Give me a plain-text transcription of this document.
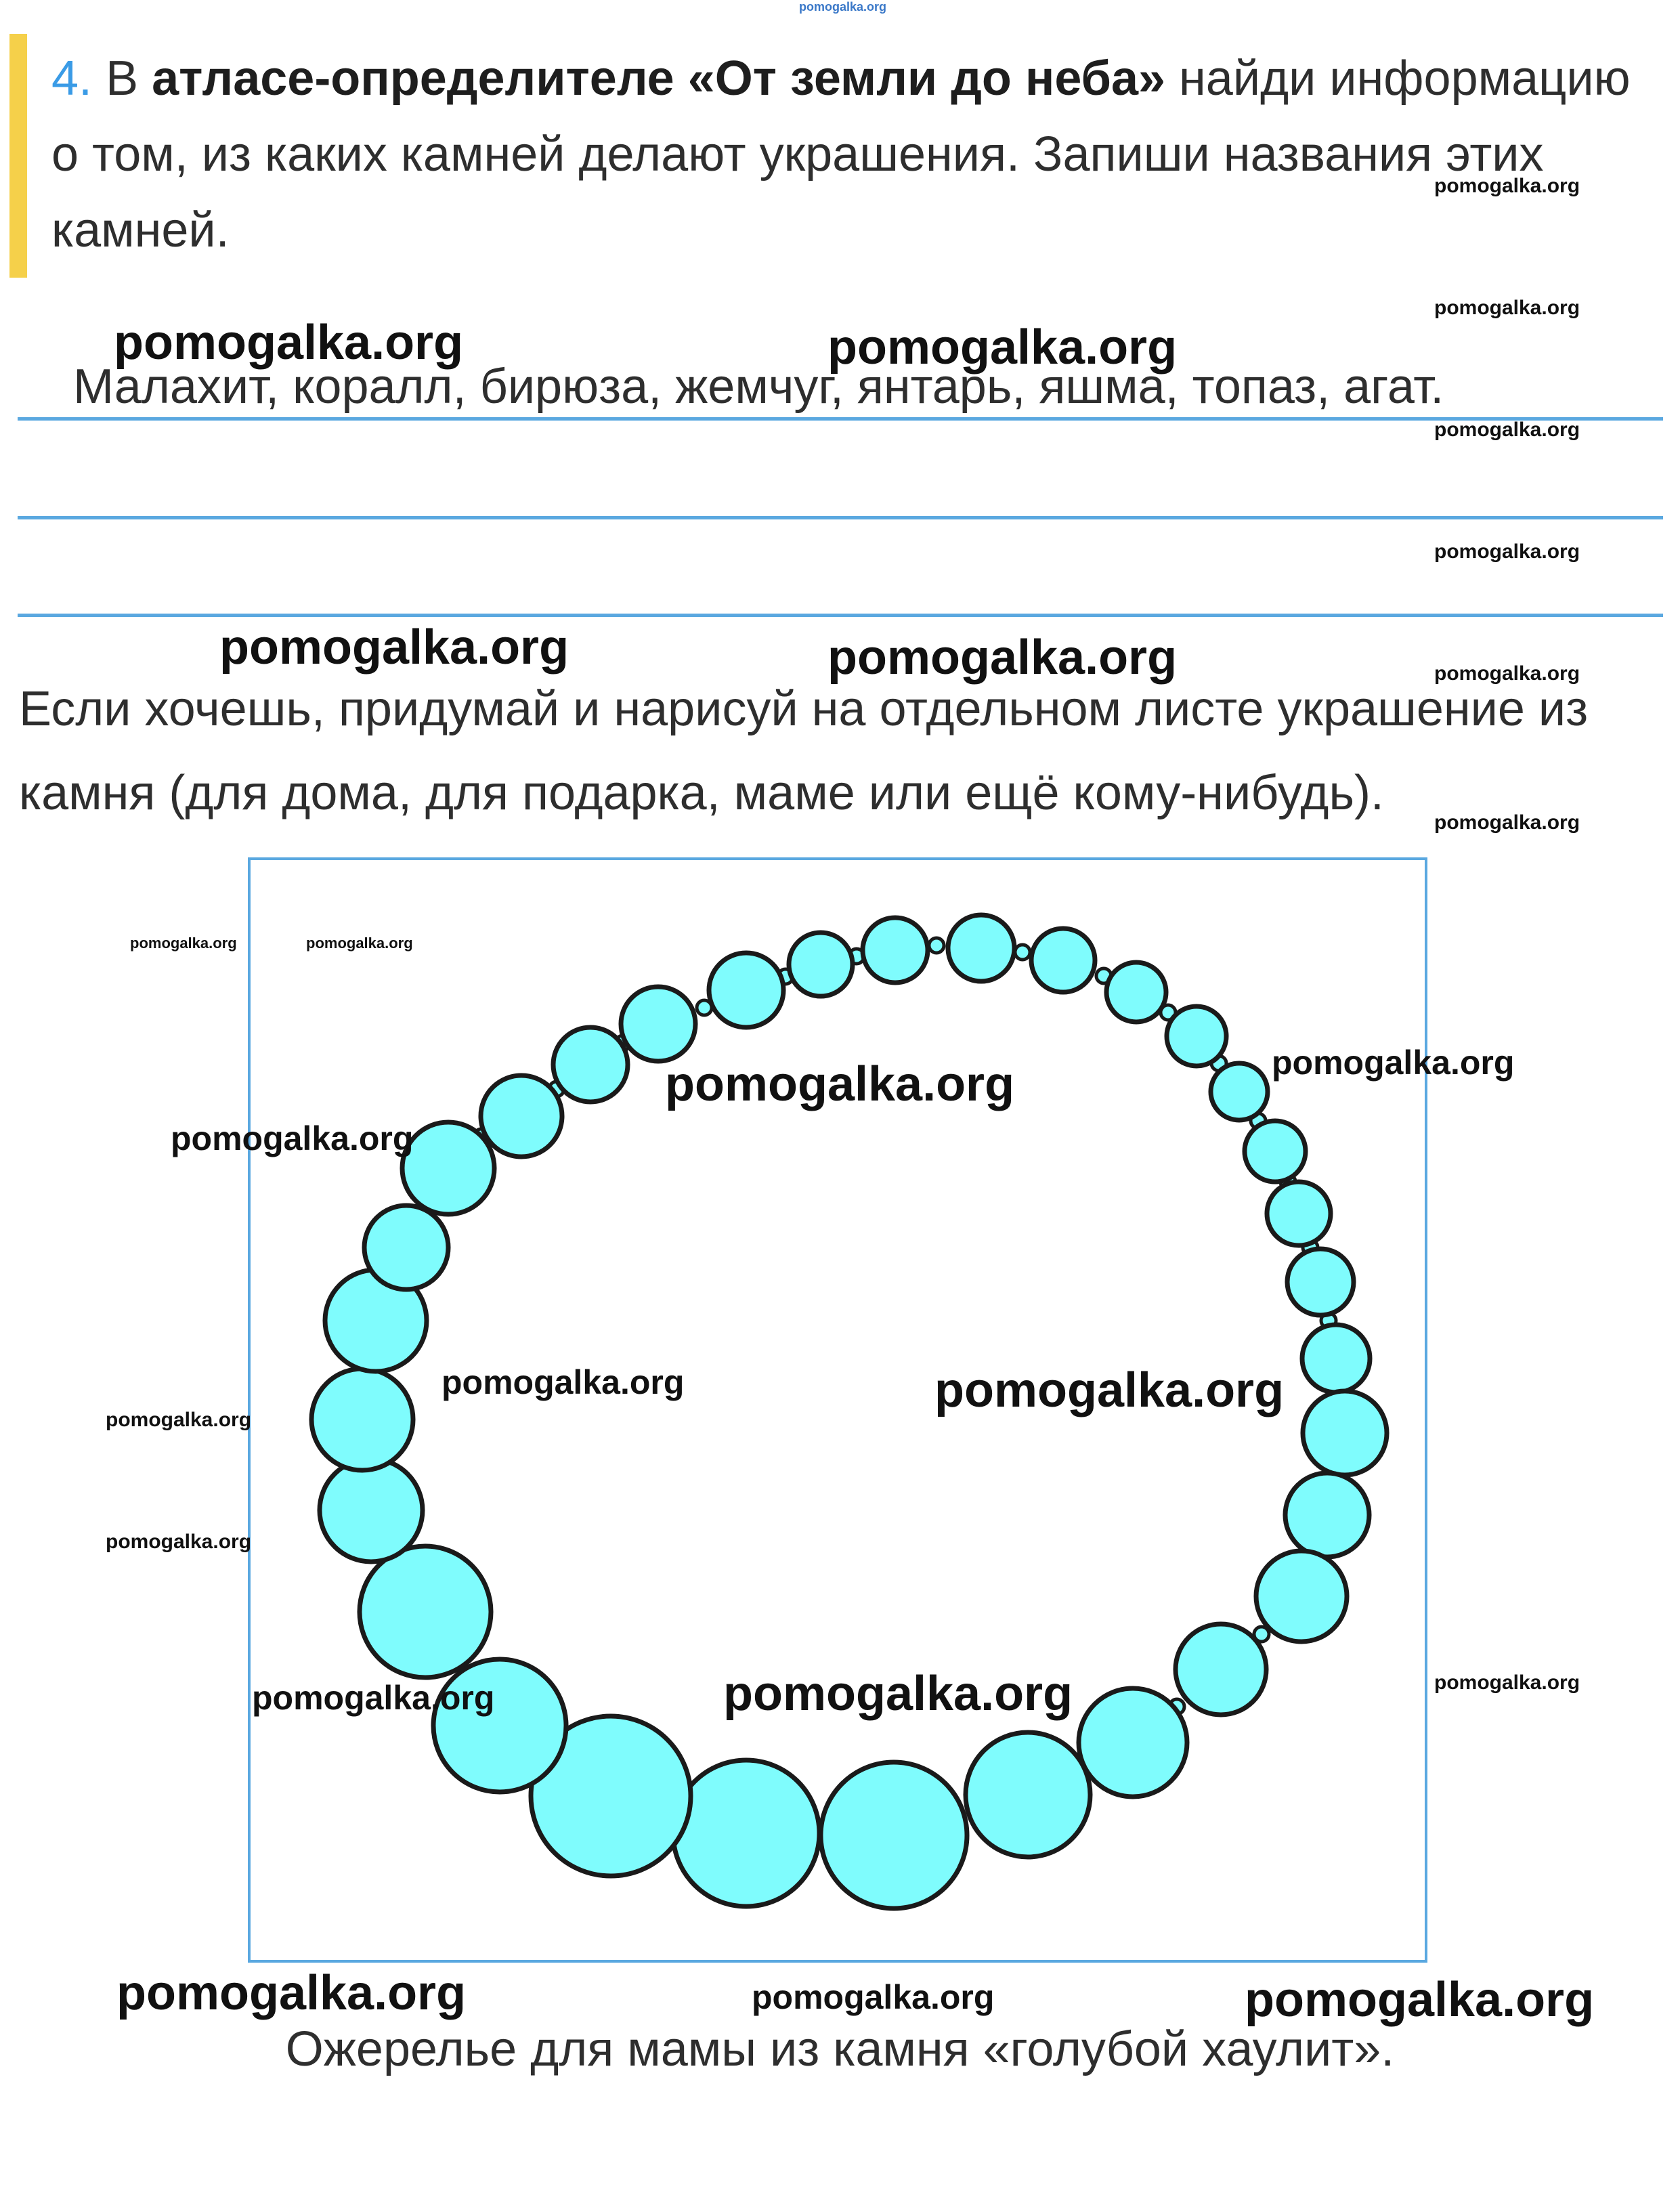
pomogalka.org
4. В атласе-определителе «От земли до неба» найди информацию о том, из каких камней делают украшения. Запиши названия этих камней.
Малахит, коралл, бирюза, жемчуг, янтарь, яшма, топаз, агат.
Если хочешь, придумай и нарисуй на отдельном листе украшение из камня (для дома, для подарка, маме или ещё кому-нибудь).
Ожерелье для мамы из камня «голубой хаулит».
pomogalka.org
pomogalka.org
pomogalka.org
pomogalka.org
pomogalka.org
pomogalka.org
pomogalka.org
pomogalka.org	pomogalka.org
pomogalka.org	pomogalka.org
pomogalka.org	pomogalka.org
pomogalka.org
pomogalka.org	pomogalka.org
pomogalka.org	pomogalka.org
pomogalka.org
pomogalka.org
pomogalka.org	pomogalka.org
pomogalka.org	pomogalka.org	pomogalka.org
